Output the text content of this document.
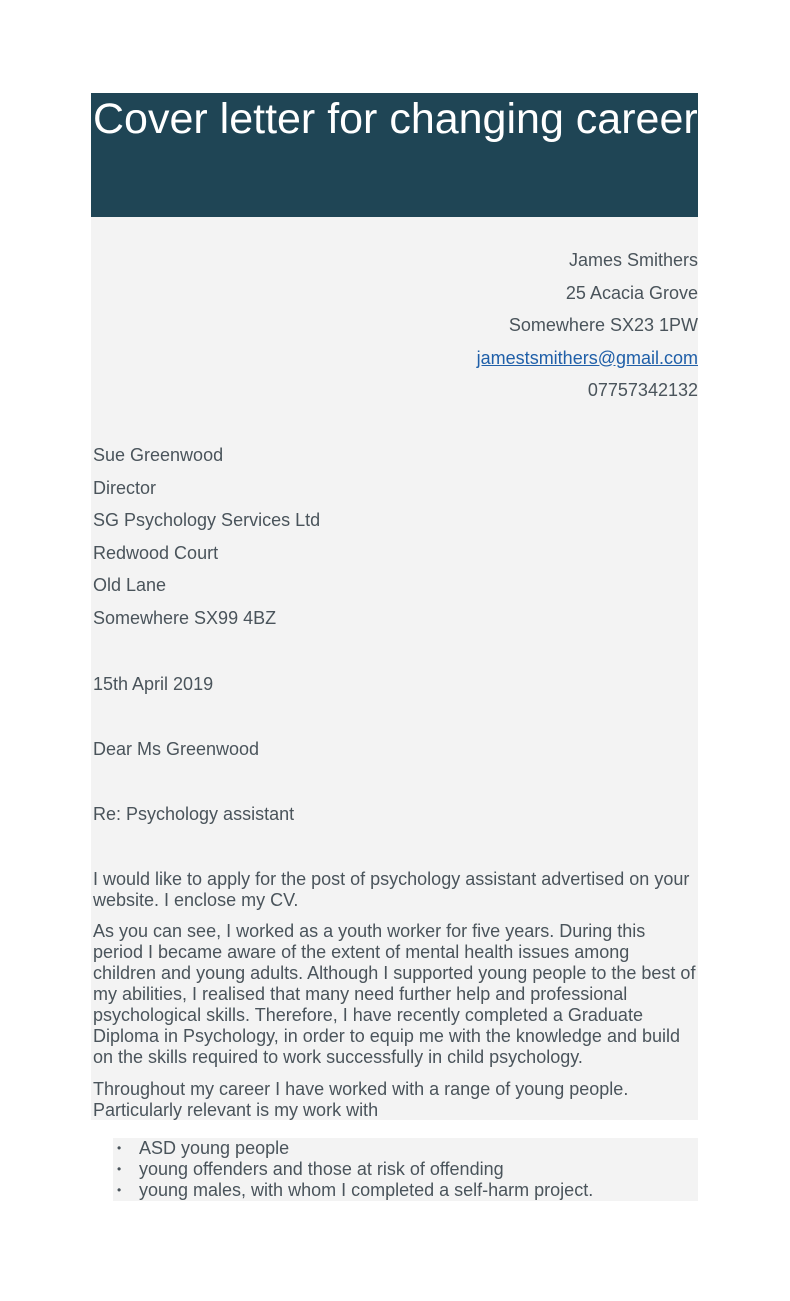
Cover letter for changing career
James Smithers
25 Acacia Grove
Somewhere SX23 1PW
jamestsmithers@gmail.com
07757342132
Sue Greenwood
Director
SG Psychology Services Ltd
Redwood Court
Old Lane
Somewhere SX99 4BZ
15th April 2019
Dear Ms Greenwood
Re: Psychology assistant

I would like to apply for the post of psychology assistant advertised on your website. I enclose my CV.

As you can see, I worked as a youth worker for five years. During this period I became aware of the extent of mental health issues among children and young adults. Although I supported young people to the best of my abilities, I realised that many need further help and professional psychological skills. Therefore, I have recently completed a Graduate Diploma in Psychology, in order to equip me with the knowledge and build on the skills required to work successfully in child psychology.

Throughout my career I have worked with a range of young people. Particularly relevant is my work with

• ASD young people
• young offenders and those at risk of offending
• young males, with whom I completed a self-harm project.
